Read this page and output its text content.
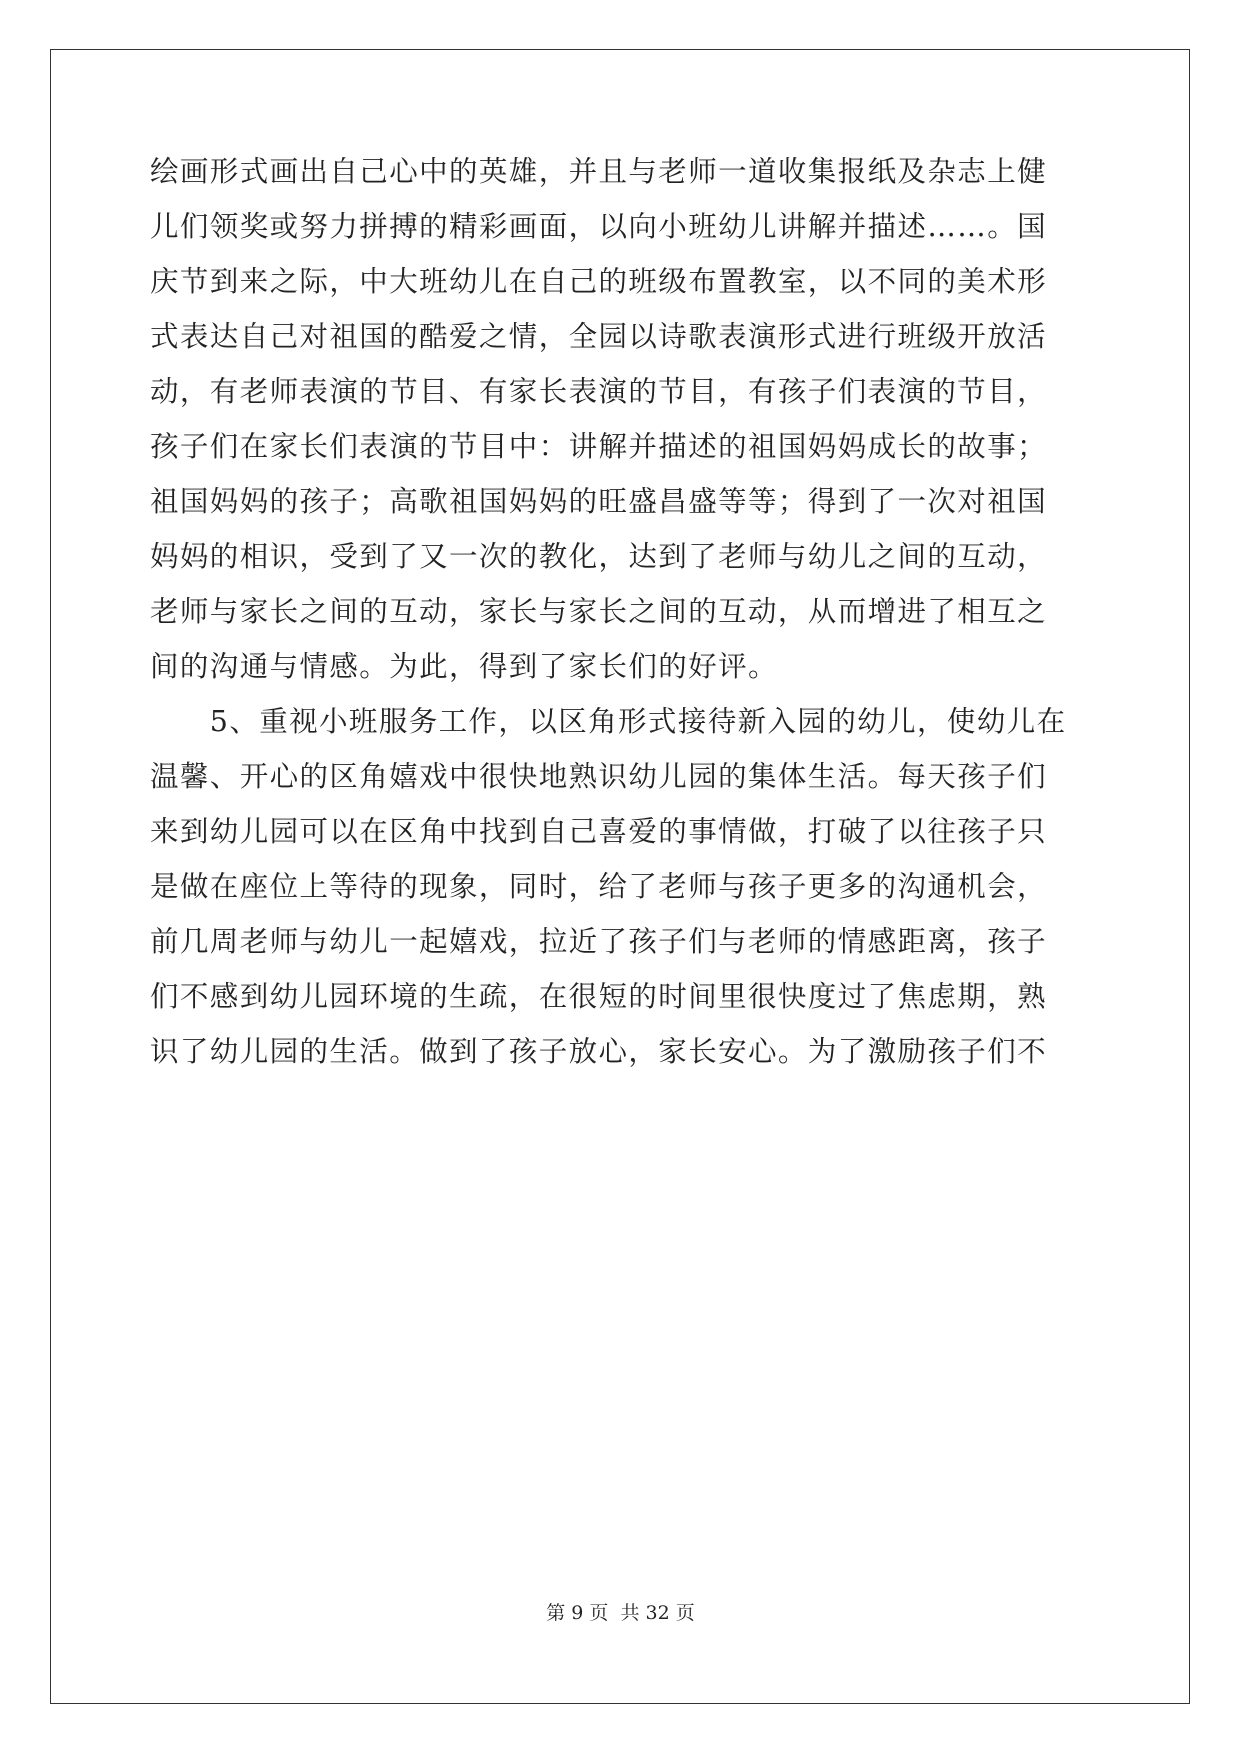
绘画形式画出自己心中的英雄，并且与老师一道收集报纸及杂志上健
儿们领奖或努力拼搏的精彩画面，以向小班幼儿讲解并描述……。国
庆节到来之际，中大班幼儿在自己的班级布置教室，以不同的美术形
式表达自己对祖国的酷爱之情，全园以诗歌表演形式进行班级开放活
动，有老师表演的节目、有家长表演的节目，有孩子们表演的节目，
孩子们在家长们表演的节目中：讲解并描述的祖国妈妈成长的故事；
祖国妈妈的孩子；高歌祖国妈妈的旺盛昌盛等等；得到了一次对祖国
妈妈的相识，受到了又一次的教化，达到了老师与幼儿之间的互动，
老师与家长之间的互动，家长与家长之间的互动，从而增进了相互之
间的沟通与情感。为此，得到了家长们的好评。
　　5、重视小班服务工作，以区角形式接待新入园的幼儿，使幼儿在
温馨、开心的区角嬉戏中很快地熟识幼儿园的集体生活。每天孩子们
来到幼儿园可以在区角中找到自己喜爱的事情做，打破了以往孩子只
是做在座位上等待的现象，同时，给了老师与孩子更多的沟通机会，
前几周老师与幼儿一起嬉戏，拉近了孩子们与老师的情感距离，孩子
们不感到幼儿园环境的生疏，在很短的时间里很快度过了焦虑期，熟
识了幼儿园的生活。做到了孩子放心，家长安心。为了激励孩子们不
第 9 页 共 32 页
